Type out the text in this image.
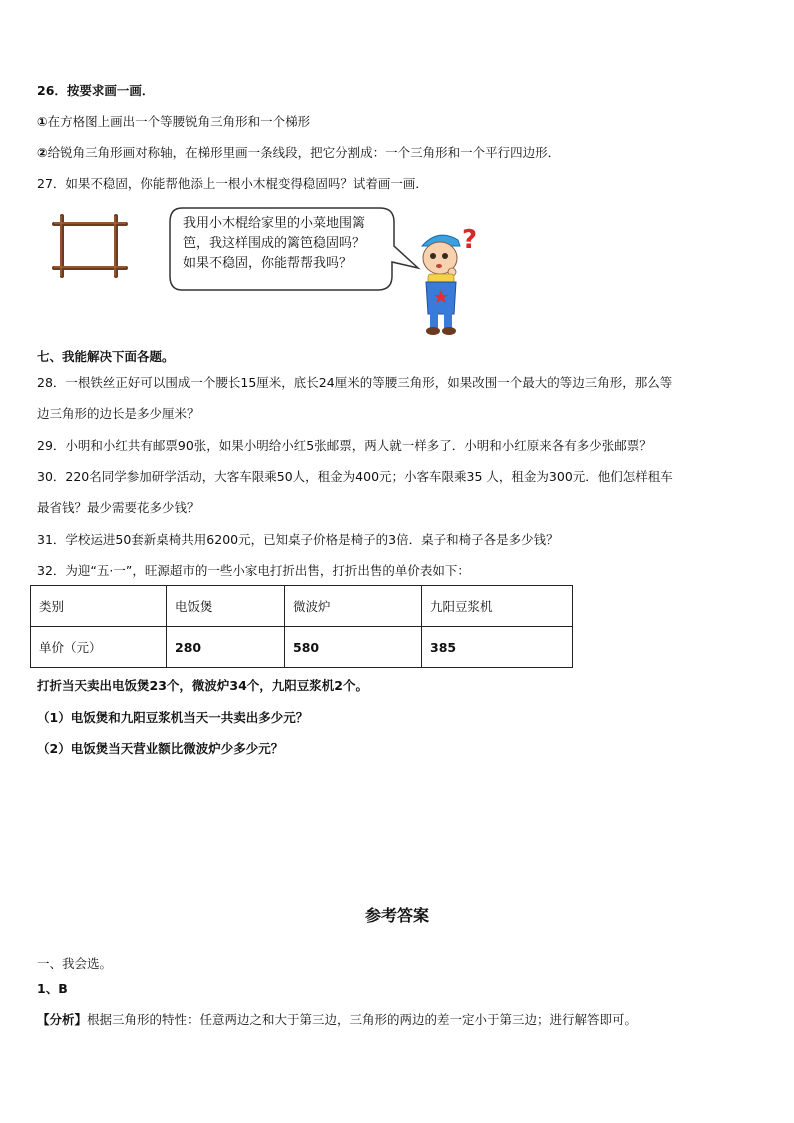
26．按要求画一画．
①在方格图上画出一个等腰锐角三角形和一个梯形
②给锐角三角形画对称轴，在梯形里画一条线段，把它分割成：一个三角形和一个平行四边形．
27．如果不稳固，你能帮他添上一根小木棍变得稳固吗？试着画一画．
我用小木棍给家里的小菜地围篱
笆，我这样围成的篱笆稳固吗？
如果不稳固，你能帮帮我吗？
?
七、我能解决下面各题。
28．一根铁丝正好可以围成一个腰长15厘米，底长24厘米的等腰三角形，如果改围一个最大的等边三角形，那么等
边三角形的边长是多少厘米？
29．小明和小红共有邮票90张，如果小明给小红5张邮票，两人就一样多了．小明和小红原来各有多少张邮票？
30．220名同学参加研学活动，大客车限乘50人，租金为400元；小客车限乘35 人，租金为300元．他们怎样租车
最省钱？最少需要花多少钱？
31．学校运进50套新桌椅共用6200元，已知桌子价格是椅子的3倍．桌子和椅子各是多少钱？
32．为迎“五·一”，旺源超市的一些小家电打折出售，打折出售的单价表如下：
类别	电饭煲	微波炉	九阳豆浆机
单价（元）	280	580	385
打折当天卖出电饭煲23个，微波炉34个，九阳豆浆机2个。
（1）电饭煲和九阳豆浆机当天一共卖出多少元？
（2）电饭煲当天营业额比微波炉少多少元？
参考答案
一、我会选。
1、B
【分析】根据三角形的特性：任意两边之和大于第三边，三角形的两边的差一定小于第三边；进行解答即可。
